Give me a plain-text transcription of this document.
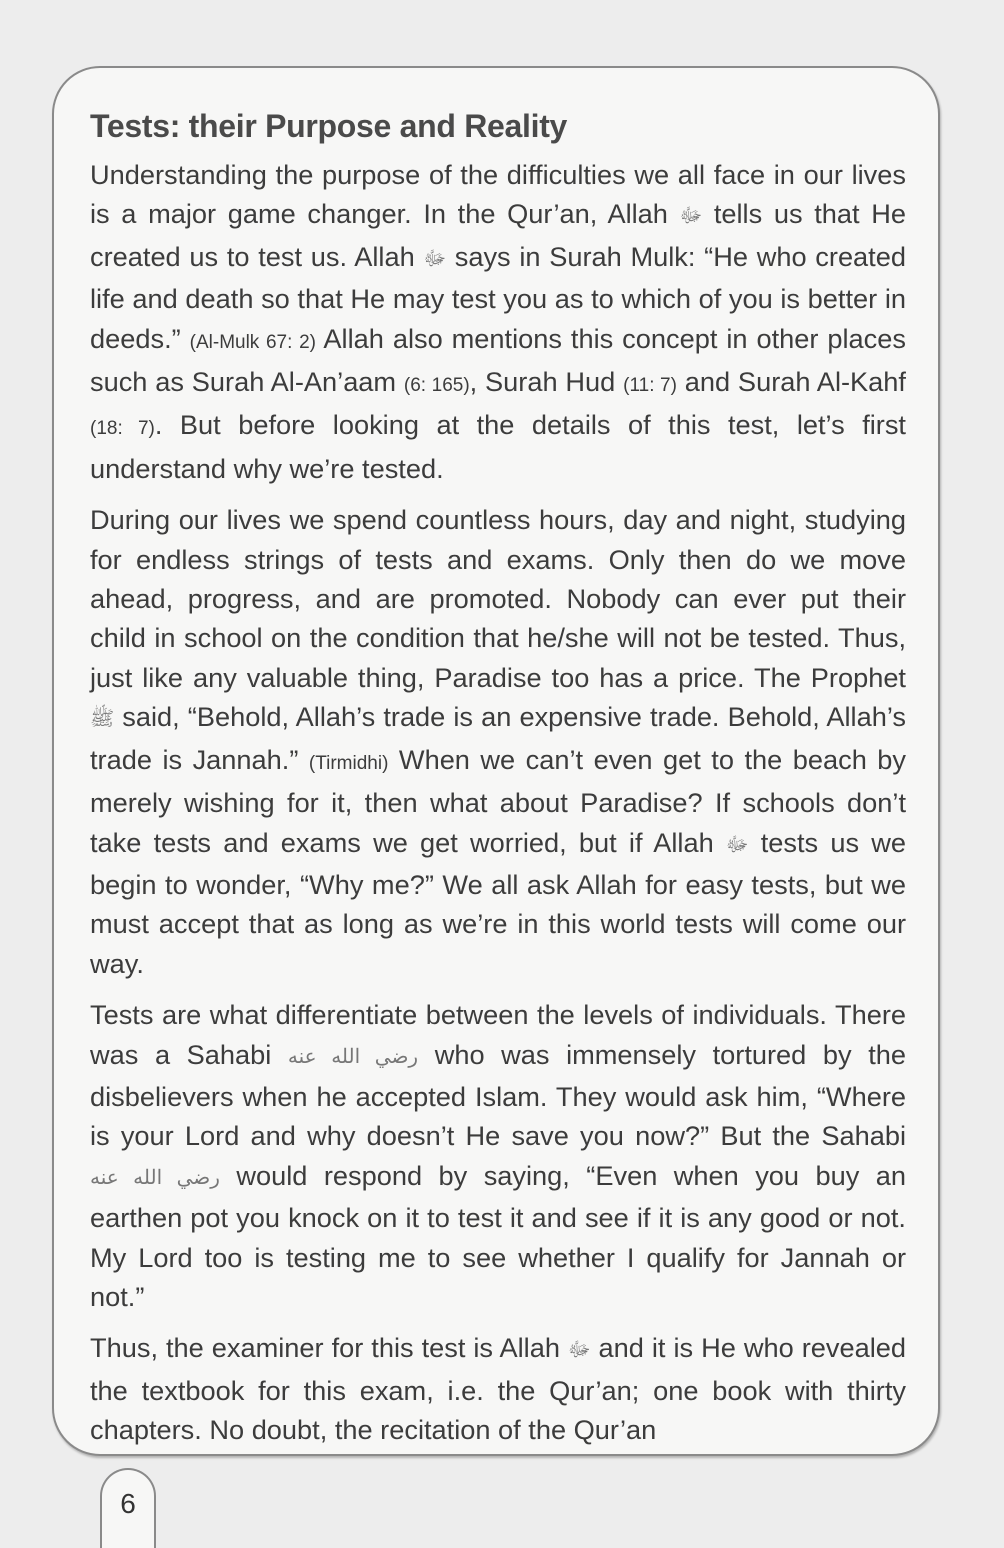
Tests: their Purpose and Reality

Understanding the purpose of the difficulties we all face in our lives is a major game changer. In the Qur’an, Allah ﷻ tells us that He created us to test us. Allah ﷻ says in Surah Mulk: “He who created life and death so that He may test you as to which of you is better in deeds.” (Al-Mulk 67: 2) Allah also mentions this concept in other places such as Surah Al-An’aam (6: 165), Surah Hud (11: 7) and Surah Al-Kahf (18: 7). But before looking at the details of this test, let’s first understand why we’re tested.

During our lives we spend countless hours, day and night, studying for endless strings of tests and exams. Only then do we move ahead, progress, and are promoted. Nobody can ever put their child in school on the condition that he/she will not be tested. Thus, just like any valuable thing, Paradise too has a price. The Prophet ﷺ said, “Behold, Allah’s trade is an expensive trade. Behold, Allah’s trade is Jannah.” (Tirmidhi) When we can’t even get to the beach by merely wishing for it, then what about Paradise? If schools don’t take tests and exams we get worried, but if Allah ﷻ tests us we begin to wonder, “Why me?” We all ask Allah for easy tests, but we must accept that as long as we’re in this world tests will come our way.

Tests are what differentiate between the levels of individuals. There was a Sahabi رضي الله عنه who was immensely tortured by the disbelievers when he accepted Islam. They would ask him, “Where is your Lord and why doesn’t He save you now?” But the Sahabi رضي الله عنه would respond by saying, “Even when you buy an earthen pot you knock on it to test it and see if it is any good or not. My Lord too is testing me to see whether I qualify for Jannah or not.”

Thus, the examiner for this test is Allah ﷻ and it is He who revealed the textbook for this exam, i.e. the Qur’an; one book with thirty chapters. No doubt, the recitation of the Qur’an

6
